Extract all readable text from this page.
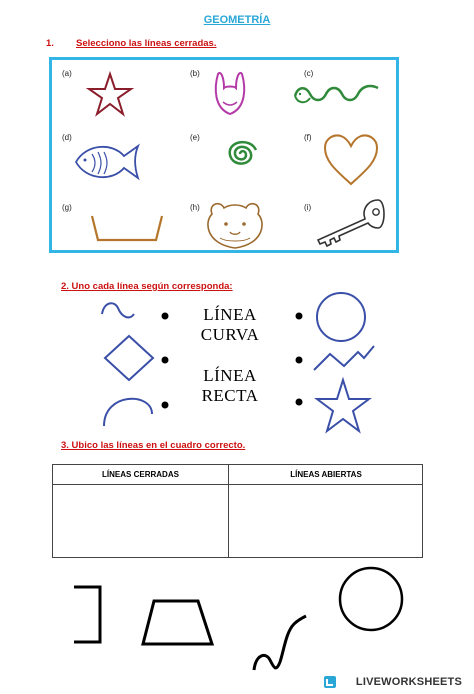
GEOMETRÍA
1. Selecciono las líneas cerradas.
(a)	(b)	(c)
(d)	(e)	(f)
(g)	(h)	(i)
2. Uno cada línea según corresponda:
LÍNEA
CURVA
LÍNEA
RECTA
3. Ubico las líneas en el cuadro correcto.
LÍNEAS CERRADAS	LÍNEAS ABIERTAS
LIVEWORKSHEETS
